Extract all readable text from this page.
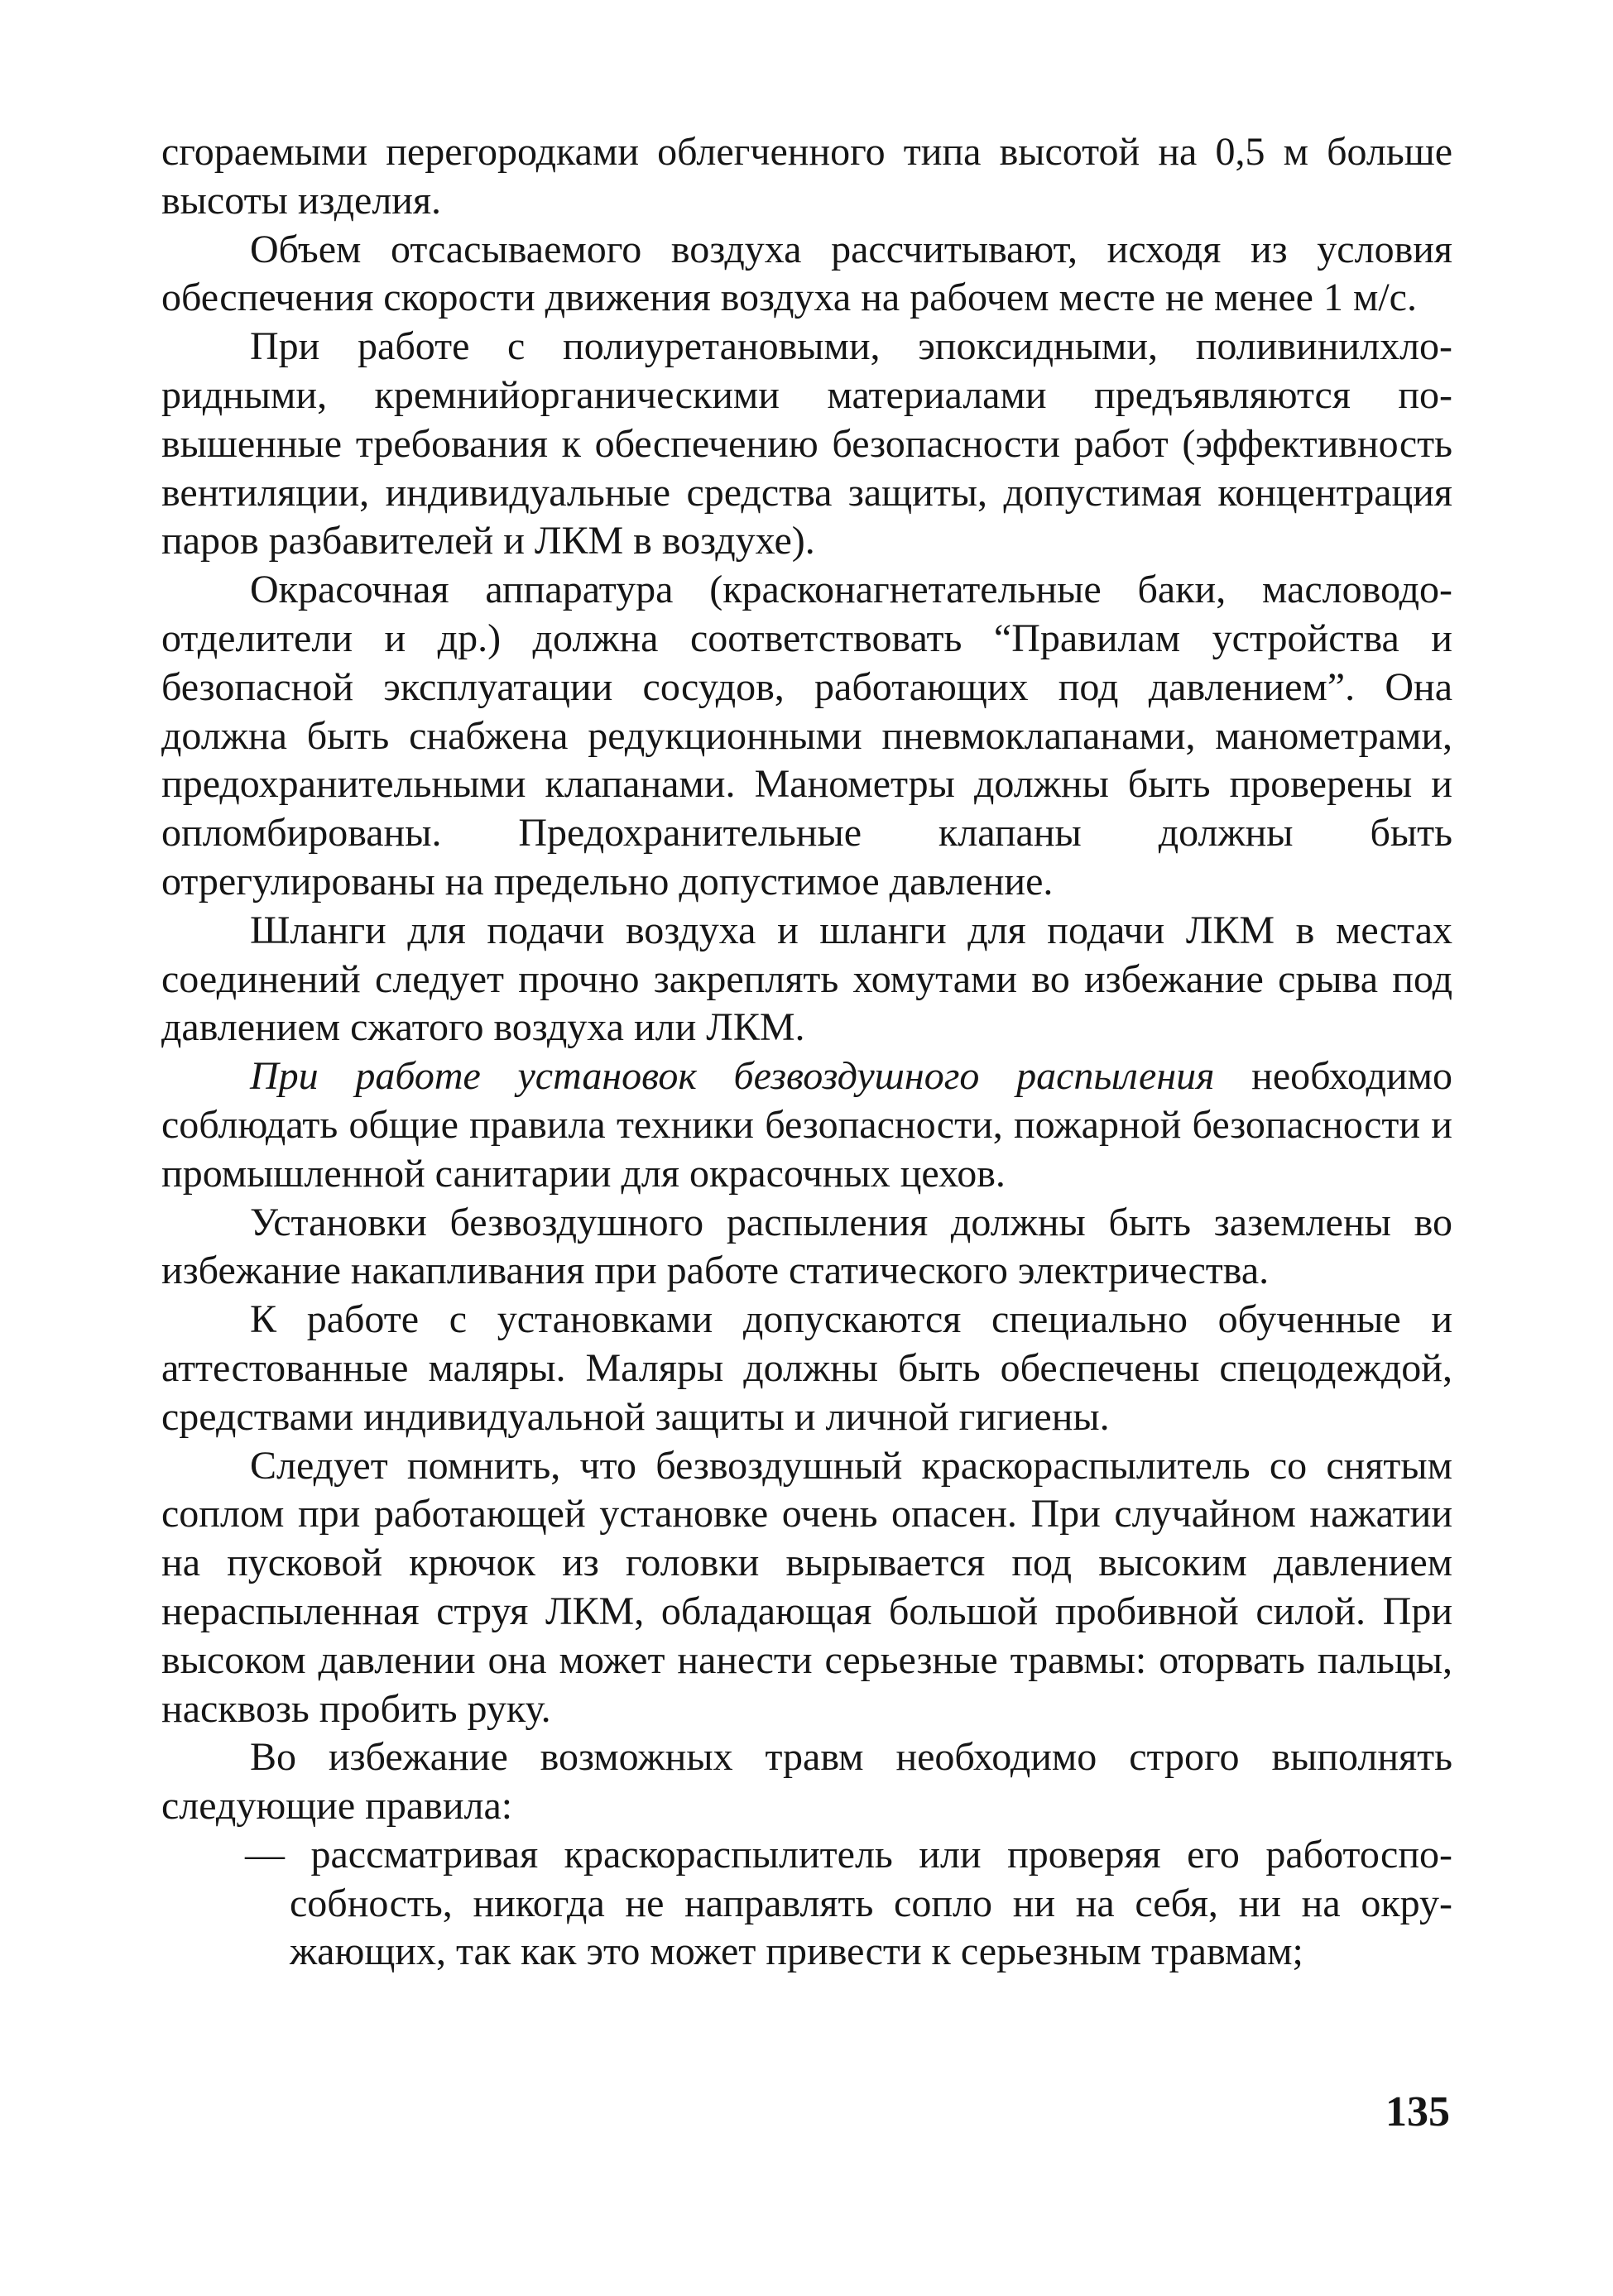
сгораемыми перегородками облегченного типа высотой на 0,5 м больше высоты изделия.

Объем отсасываемого воздуха рассчитывают, исходя из условия обеспечения скорости движения воздуха на рабочем месте не менее 1 м/с.

При работе с полиуретановыми, эпоксидными, поливинилхлоридными, кремнийорганическими материалами предъявляются повышенные требования к обеспечению безопасности работ (эффективность вентиляции, индивидуальные средства защиты, допустимая концентрация паров разбавителей и ЛКМ в воздухе).

Окрасочная аппаратура (красконагнетательные баки, масловодоотделители и др.) должна соответствовать “Правилам устройства и безопасной эксплуатации сосудов, работающих под давлением”. Она должна быть снабжена редукционными пневмоклапанами, манометрами, предохранительными клапанами. Манометры должны быть проверены и опломбированы. Предохранительные клапаны должны быть отрегулированы на предельно допустимое давление.

Шланги для подачи воздуха и шланги для подачи ЛКМ в местах соединений следует прочно закреплять хомутами во избежание срыва под давлением сжатого воздуха или ЛКМ.

При работе установок безвоздушного распыления необходимо соблюдать общие правила техники безопасности, пожарной безопасности и промышленной санитарии для окрасочных цехов.

Установки безвоздушного распыления должны быть заземлены во избежание накапливания при работе статического электричества.

К работе с установками допускаются специально обученные и аттестованные маляры. Маляры должны быть обеспечены спецодеждой, средствами индивидуальной защиты и личной гигиены.

Следует помнить, что безвоздушный краскораспылитель со снятым соплом при работающей установке очень опасен. При случайном нажатии на пусковой крючок из головки вырывается под высоким давлением нераспыленная струя ЛКМ, обладающая большой пробивной силой. При высоком давлении она может нанести серьезные травмы: оторвать пальцы, насквозь пробить руку.

Во избежание возможных травм необходимо строго выполнять следующие правила:

— рассматривая краскораспылитель или проверяя его работоспособность, никогда не направлять сопло ни на себя, ни на окружающих, так как это может привести к серьезным травмам;

135
